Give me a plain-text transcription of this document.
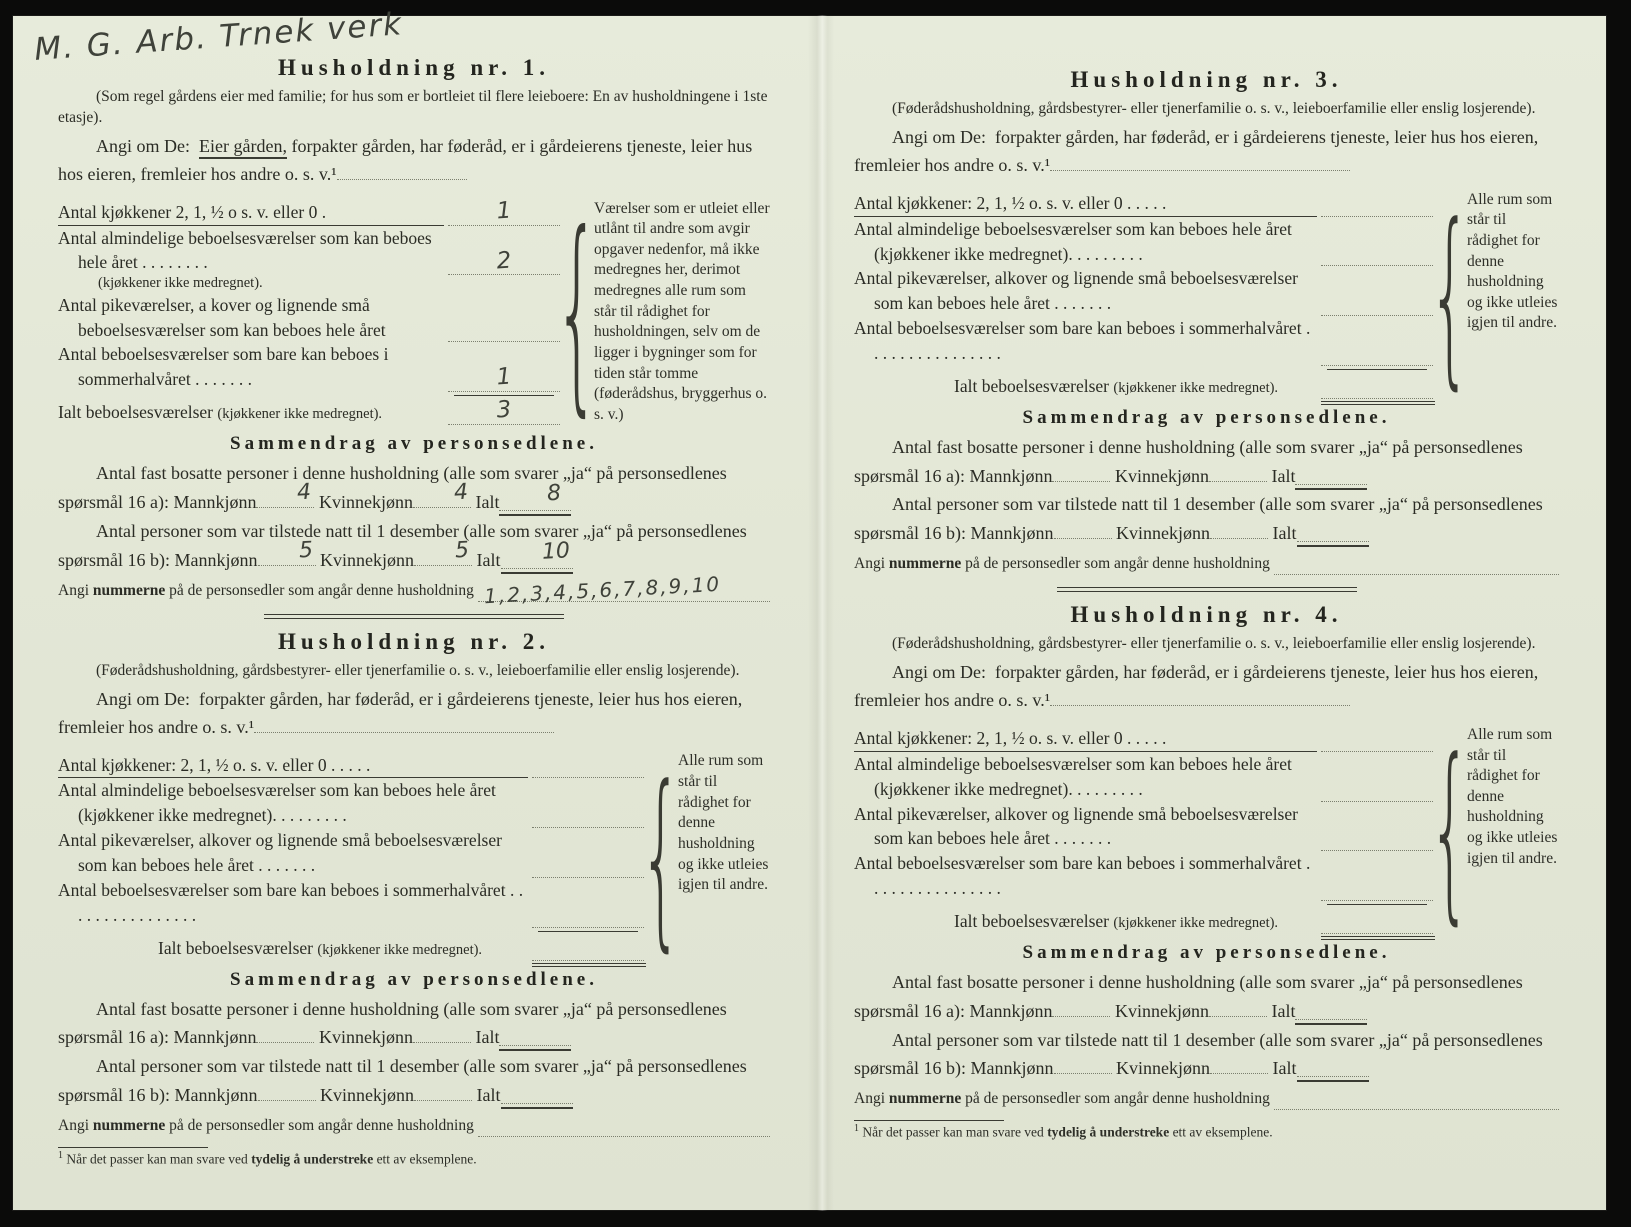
M. G. Arb. Trnek verk
Husholdning nr. 1.

(Som regel gårdens eier med familie; for hus som er bortleiet til flere leieboere: En av husholdningene i 1ste etasje).

Angi om De: Eier gården, forpakter gården, har føderåd, er i gårdeierens tjeneste, leier hus hos eieren, fremleier hos andre o. s. v.¹

Antal kjøkkener 2, 1, ½ o s. v. eller 0 .	1
Antal almindelige beboelsesværelser som kan beboes hele året . . . . . . . .	2
(kjøkkener ikke medregnet).
Antal pikeværelser, a kover og lignende små beboelsesværelser som kan beboes hele året
Antal beboelsesværelser som bare kan beboes i sommerhalvåret . . . . . . .	1
Ialt beboelsesværelser (kjøkkener ikke medregnet).	3 {
Værelser som er utleiet eller utlånt til andre som avgir opgaver nedenfor, må ikke medregnes her, derimot medregnes alle rum som står til rådighet for husholdningen, selv om de ligger i bygninger som for tiden står tomme (føderådshus, bryggerhus o. s. v.)
Sammendrag av personsedlene.

Antal fast bosatte personer i denne husholdning (alle som svarer „ja“ på personsedlenes spørsmål 16 a): Mannkjønn	4 Kvinnekjønn	4 Ialt	8

Antal personer som var tilstede natt til 1 desember (alle som svarer „ja“ på personsedlenes spørsmål 16 b): Mannkjønn	5 Kvinnekjønn	5 Ialt	10

Angi nummerne på de personsedler som angår denne husholdning 1,2,3,4,5,6,7,8,9,10
Husholdning nr. 2.

(Føderådshusholdning, gårdsbestyrer- eller tjenerfamilie o. s. v., leieboerfamilie eller enslig losjerende).

Angi om De: forpakter gården, har føderåd, er i gårdeierens tjeneste, leier hus hos eieren, fremleier hos andre o. s. v.¹

Antal kjøkkener: 2, 1, ½ o. s. v. eller 0 . . . . .
Antal almindelige beboelsesværelser som kan beboes hele året (kjøkkener ikke medregnet). . . . . . . . .
Antal pikeværelser, alkover og lignende små beboelsesværelser som kan beboes hele året . . . . . . .
Antal beboelsesværelser som bare kan beboes i sommerhalvåret . . . . . . . . . . . . . . . .
Ialt beboelsesværelser (kjøkkener ikke medregnet). {
Alle rum som står til rådighet for denne husholdning og ikke utleies igjen til andre.
Sammendrag av personsedlene.

Antal fast bosatte personer i denne husholdning (alle som svarer „ja“ på personsedlenes spørsmål 16 a): Mannkjønn	Kvinnekjønn	Ialt

Antal personer som var tilstede natt til 1 desember (alle som svarer „ja“ på personsedlenes spørsmål 16 b): Mannkjønn	Kvinnekjønn	Ialt

Angi nummerne på de personsedler som angår denne husholdning
$^1$ Når det passer kan man svare ved tydelig å understreke ett av eksemplene.
Husholdning nr. 3.

(Føderådshusholdning, gårdsbestyrer- eller tjenerfamilie o. s. v., leieboerfamilie eller enslig losjerende).

Angi om De: forpakter gården, har føderåd, er i gårdeierens tjeneste, leier hus hos eieren, fremleier hos andre o. s. v.¹

Antal kjøkkener: 2, 1, ½ o. s. v. eller 0 . . . . .
Antal almindelige beboelsesværelser som kan beboes hele året (kjøkkener ikke medregnet). . . . . . . . .
Antal pikeværelser, alkover og lignende små beboelsesværelser som kan beboes hele året . . . . . . .
Antal beboelsesværelser som bare kan beboes i sommerhalvåret . . . . . . . . . . . . . . . .
Ialt beboelsesværelser (kjøkkener ikke medregnet). {
Alle rum som står til rådighet for denne husholdning og ikke utleies igjen til andre.
Sammendrag av personsedlene.

Antal fast bosatte personer i denne husholdning (alle som svarer „ja“ på personsedlenes spørsmål 16 a): Mannkjønn	Kvinnekjønn	Ialt

Antal personer som var tilstede natt til 1 desember (alle som svarer „ja“ på personsedlenes spørsmål 16 b): Mannkjønn	Kvinnekjønn	Ialt

Angi nummerne på de personsedler som angår denne husholdning
Husholdning nr. 4.

(Føderådshusholdning, gårdsbestyrer- eller tjenerfamilie o. s. v., leieboerfamilie eller enslig losjerende).

Angi om De: forpakter gården, har føderåd, er i gårdeierens tjeneste, leier hus hos eieren, fremleier hos andre o. s. v.¹

Antal kjøkkener: 2, 1, ½ o. s. v. eller 0 . . . . .
Antal almindelige beboelsesværelser som kan beboes hele året (kjøkkener ikke medregnet). . . . . . . . .
Antal pikeværelser, alkover og lignende små beboelsesværelser som kan beboes hele året . . . . . . .
Antal beboelsesværelser som bare kan beboes i sommerhalvåret . . . . . . . . . . . . . . . .
Ialt beboelsesværelser (kjøkkener ikke medregnet). {
Alle rum som står til rådighet for denne husholdning og ikke utleies igjen til andre.
Sammendrag av personsedlene.

Antal fast bosatte personer i denne husholdning (alle som svarer „ja“ på personsedlenes spørsmål 16 a): Mannkjønn	Kvinnekjønn	Ialt

Antal personer som var tilstede natt til 1 desember (alle som svarer „ja“ på personsedlenes spørsmål 16 b): Mannkjønn	Kvinnekjønn	Ialt

Angi nummerne på de personsedler som angår denne husholdning
$^1$ Når det passer kan man svare ved tydelig å understreke ett av eksemplene.
